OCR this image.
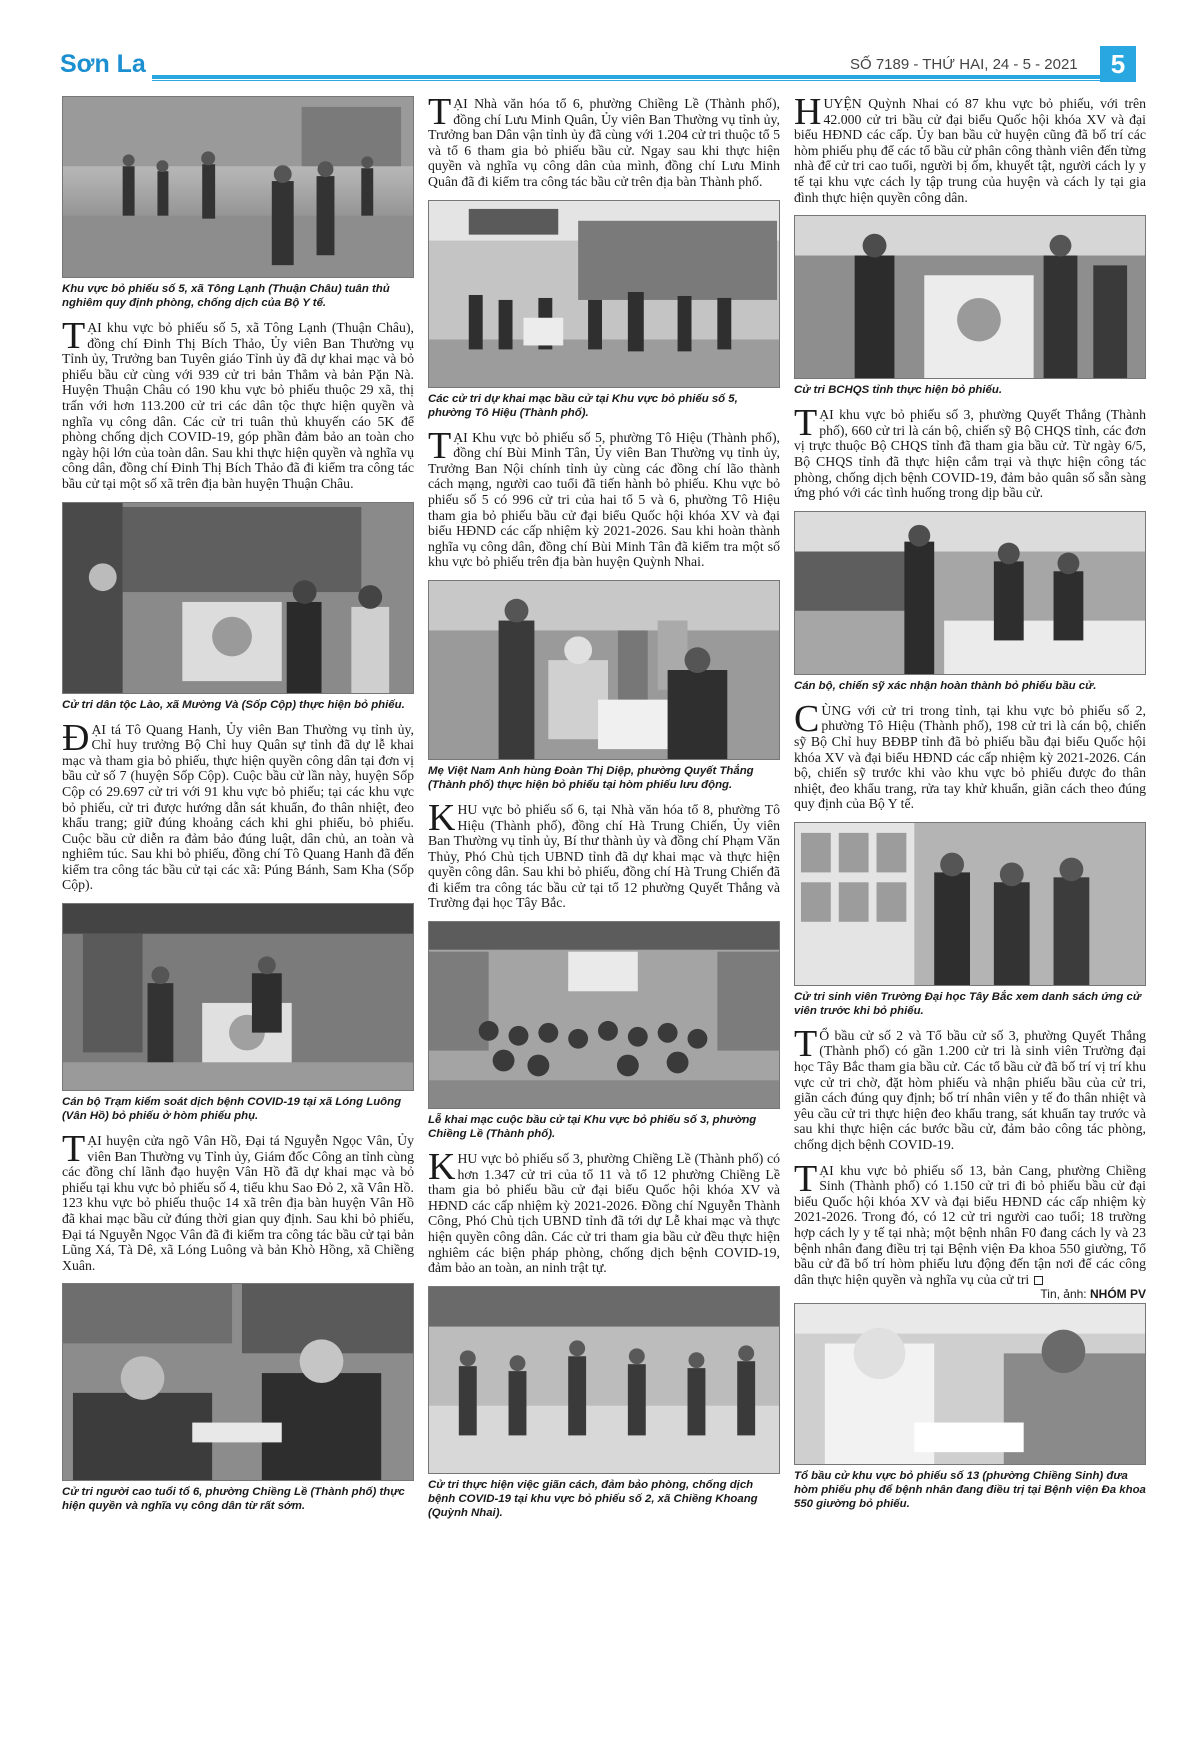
Sơn La	SỐ 7189 - THỨ HAI, 24 - 5 - 2021	5
Khu vực bỏ phiếu số 5, xã Tông Lạnh (Thuận Châu) tuân thủ nghiêm quy định phòng, chống dịch của Bộ Y tế.
TẠI khu vực bỏ phiếu số 5, xã Tông Lạnh (Thuận Châu), đồng chí Đinh Thị Bích Thảo, Ủy viên Ban Thường vụ Tỉnh ủy, Trưởng ban Tuyên giáo Tỉnh ủy đã dự khai mạc và bỏ phiếu bầu cử cùng với 939 cử tri bản Thẳm và bản Pặn Nà. Huyện Thuận Châu có 190 khu vực bỏ phiếu thuộc 29 xã, thị trấn với hơn 113.200 cử tri các dân tộc thực hiện quyền và nghĩa vụ công dân. Các cử tri tuân thủ khuyến cáo 5K để phòng chống dịch COVID-19, góp phần đảm bảo an toàn cho ngày hội lớn của toàn dân. Sau khi thực hiện quyền và nghĩa vụ công dân, đồng chí Đinh Thị Bích Thảo đã đi kiểm tra công tác bầu cử tại một số xã trên địa bàn huyện Thuận Châu.
Cử tri dân tộc Lào, xã Mường Và (Sốp Cộp) thực hiện bỏ phiếu.
ĐẠI tá Tô Quang Hanh, Ủy viên Ban Thường vụ tỉnh ủy, Chỉ huy trưởng Bộ Chỉ huy Quân sự tỉnh đã dự lễ khai mạc và tham gia bỏ phiếu, thực hiện quyền công dân tại đơn vị bầu cử số 7 (huyện Sốp Cộp). Cuộc bầu cử lần này, huyện Sốp Cộp có 29.697 cử tri với 91 khu vực bỏ phiếu; tại các khu vực bỏ phiếu, cử tri được hướng dẫn sát khuẩn, đo thân nhiệt, đeo khẩu trang; giữ đúng khoảng cách khi ghi phiếu, bỏ phiếu. Cuộc bầu cử diễn ra đảm bảo đúng luật, dân chủ, an toàn và nghiêm túc. Sau khi bỏ phiếu, đồng chí Tô Quang Hanh đã đến kiểm tra công tác bầu cử tại các xã: Púng Bánh, Sam Kha (Sốp Cộp).
Cán bộ Trạm kiểm soát dịch bệnh COVID-19 tại xã Lóng Luông (Vân Hồ) bỏ phiếu ở hòm phiếu phụ.
TẠI huyện cửa ngõ Vân Hồ, Đại tá Nguyễn Ngọc Vân, Ủy viên Ban Thường vụ Tỉnh ủy, Giám đốc Công an tỉnh cùng các đồng chí lãnh đạo huyện Vân Hồ đã dự khai mạc và bỏ phiếu tại khu vực bỏ phiếu số 4, tiểu khu Sao Đỏ 2, xã Vân Hồ. 123 khu vực bỏ phiếu thuộc 14 xã trên địa bàn huyện Vân Hồ đã khai mạc bầu cử đúng thời gian quy định. Sau khi bỏ phiếu, Đại tá Nguyễn Ngọc Vân đã đi kiểm tra công tác bầu cử tại bản Lũng Xá, Tà Dê, xã Lóng Luông và bản Khò Hồng, xã Chiềng Xuân.
Cử tri người cao tuổi tổ 6, phường Chiềng Lề (Thành phố) thực hiện quyền và nghĩa vụ công dân từ rất sớm.
TẠI Nhà văn hóa tổ 6, phường Chiềng Lề (Thành phố), đồng chí Lưu Minh Quân, Ủy viên Ban Thường vụ tỉnh ủy, Trưởng ban Dân vận tỉnh ủy đã cùng với 1.204 cử tri thuộc tổ 5 và tổ 6 tham gia bỏ phiếu bầu cử. Ngay sau khi thực hiện quyền và nghĩa vụ công dân của mình, đồng chí Lưu Minh Quân đã đi kiểm tra công tác bầu cử trên địa bàn Thành phố.
Các cử tri dự khai mạc bầu cử tại Khu vực bỏ phiếu số 5, phường Tô Hiệu (Thành phố).
TẠI Khu vực bỏ phiếu số 5, phường Tô Hiệu (Thành phố), đồng chí Bùi Minh Tân, Ủy viên Ban Thường vụ tỉnh ủy, Trưởng Ban Nội chính tỉnh ủy cùng các đồng chí lão thành cách mạng, người cao tuổi đã tiến hành bỏ phiếu. Khu vực bỏ phiếu số 5 có 996 cử tri của hai tổ 5 và 6, phường Tô Hiệu tham gia bỏ phiếu bầu cử đại biểu Quốc hội khóa XV và đại biểu HĐND các cấp nhiệm kỳ 2021-2026. Sau khi hoàn thành nghĩa vụ công dân, đồng chí Bùi Minh Tân đã kiểm tra một số khu vực bỏ phiếu trên địa bàn huyện Quỳnh Nhai.
Mẹ Việt Nam Anh hùng Đoàn Thị Diệp, phường Quyết Thắng (Thành phố) thực hiện bỏ phiếu tại hòm phiếu lưu động.
KHU vực bỏ phiếu số 6, tại Nhà văn hóa tổ 8, phường Tô Hiệu (Thành phố), đồng chí Hà Trung Chiến, Ủy viên Ban Thường vụ tỉnh ủy, Bí thư thành ủy và đồng chí Phạm Văn Thủy, Phó Chủ tịch UBND tỉnh đã dự khai mạc và thực hiện quyền công dân. Sau khi bỏ phiếu, đồng chí Hà Trung Chiến đã đi kiểm tra công tác bầu cử tại tổ 12 phường Quyết Thắng và Trường đại học Tây Bắc.
Lễ khai mạc cuộc bầu cử tại Khu vực bỏ phiếu số 3, phường Chiềng Lề (Thành phố).
KHU vực bỏ phiếu số 3, phường Chiềng Lề (Thành phố) có hơn 1.347 cử tri của tổ 11 và tổ 12 phường Chiềng Lề tham gia bỏ phiếu bầu cử đại biểu Quốc hội khóa XV và HĐND các cấp nhiệm kỳ 2021-2026. Đồng chí Nguyễn Thành Công, Phó Chủ tịch UBND tỉnh đã tới dự Lễ khai mạc và thực hiện quyền công dân. Các cử tri tham gia bầu cử đều thực hiện nghiêm các biện pháp phòng, chống dịch bệnh COVID-19, đảm bảo an toàn, an ninh trật tự.
Cử tri thực hiện việc giãn cách, đảm bảo phòng, chống dịch bệnh COVID-19 tại khu vực bỏ phiếu số 2, xã Chiềng Khoang (Quỳnh Nhai).
HUYỆN Quỳnh Nhai có 87 khu vực bỏ phiếu, với trên 42.000 cử tri bầu cử đại biểu Quốc hội khóa XV và đại biểu HĐND các cấp. Ủy ban bầu cử huyện cũng đã bố trí các hòm phiếu phụ để các tổ bầu cử phân công thành viên đến từng nhà để cử tri cao tuổi, người bị ốm, khuyết tật, người cách ly y tế tại khu vực cách ly tập trung của huyện và cách ly tại gia đình thực hiện quyền công dân.
Cử tri BCHQS tỉnh thực hiện bỏ phiếu.
TẠI khu vực bỏ phiếu số 3, phường Quyết Thắng (Thành phố), 660 cử tri là cán bộ, chiến sỹ Bộ CHQS tỉnh, các đơn vị trực thuộc Bộ CHQS tỉnh đã tham gia bầu cử. Từ ngày 6/5, Bộ CHQS tỉnh đã thực hiện cắm trại và thực hiện công tác phòng, chống dịch bệnh COVID-19, đảm bảo quân số sẵn sàng ứng phó với các tình huống trong dịp bầu cử.
Cán bộ, chiến sỹ xác nhận hoàn thành bỏ phiếu bầu cử.
CÙNG với cử tri trong tỉnh, tại khu vực bỏ phiếu số 2, phường Tô Hiệu (Thành phố), 198 cử tri là cán bộ, chiến sỹ Bộ Chỉ huy BĐBP tỉnh đã bỏ phiếu bầu đại biểu Quốc hội khóa XV và đại biểu HĐND các cấp nhiệm kỳ 2021-2026. Cán bộ, chiến sỹ trước khi vào khu vực bỏ phiếu được đo thân nhiệt, đeo khẩu trang, rửa tay khử khuẩn, giãn cách theo đúng quy định của Bộ Y tế.
Cử tri sinh viên Trường Đại học Tây Bắc xem danh sách ứng cử viên trước khi bỏ phiếu.
T Ổ bầu cử số 2 và Tổ bầu cử số 3, phường Quyết Thắng (Thành phố) có gần 1.200 cử tri là sinh viên Trường đại học Tây Bắc tham gia bầu cử. Các tổ bầu cử đã bố trí vị trí khu vực cử tri chờ, đặt hòm phiếu và nhận phiếu bầu của cử tri, giãn cách đúng quy định; bố trí nhân viên y tế đo thân nhiệt và yêu cầu cử tri thực hiện đeo khẩu trang, sát khuẩn tay trước và sau khi thực hiện các bước bầu cử, đảm bảo công tác phòng, chống dịch bệnh COVID-19.
TẠI khu vực bỏ phiếu số 13, bản Cang, phường Chiềng Sinh (Thành phố) có 1.150 cử tri đi bỏ phiếu bầu cử đại biểu Quốc hội khóa XV và đại biểu HĐND các cấp nhiệm kỳ 2021-2026. Trong đó, có 12 cử tri người cao tuổi; 18 trường hợp cách ly y tế tại nhà; một bệnh nhân F0 đang cách ly và 23 bệnh nhân đang điều trị tại Bệnh viện Đa khoa 550 giường, Tổ bầu cử đã bố trí hòm phiếu lưu động đến tận nơi để các công dân thực hiện quyền và nghĩa vụ của cử tri
Tin, ảnh: NHÓM PV
Tổ bầu cử khu vực bỏ phiếu số 13 (phường Chiềng Sinh) đưa hòm phiếu phụ để bệnh nhân đang điều trị tại Bệnh viện Đa khoa 550 giường bỏ phiếu.
